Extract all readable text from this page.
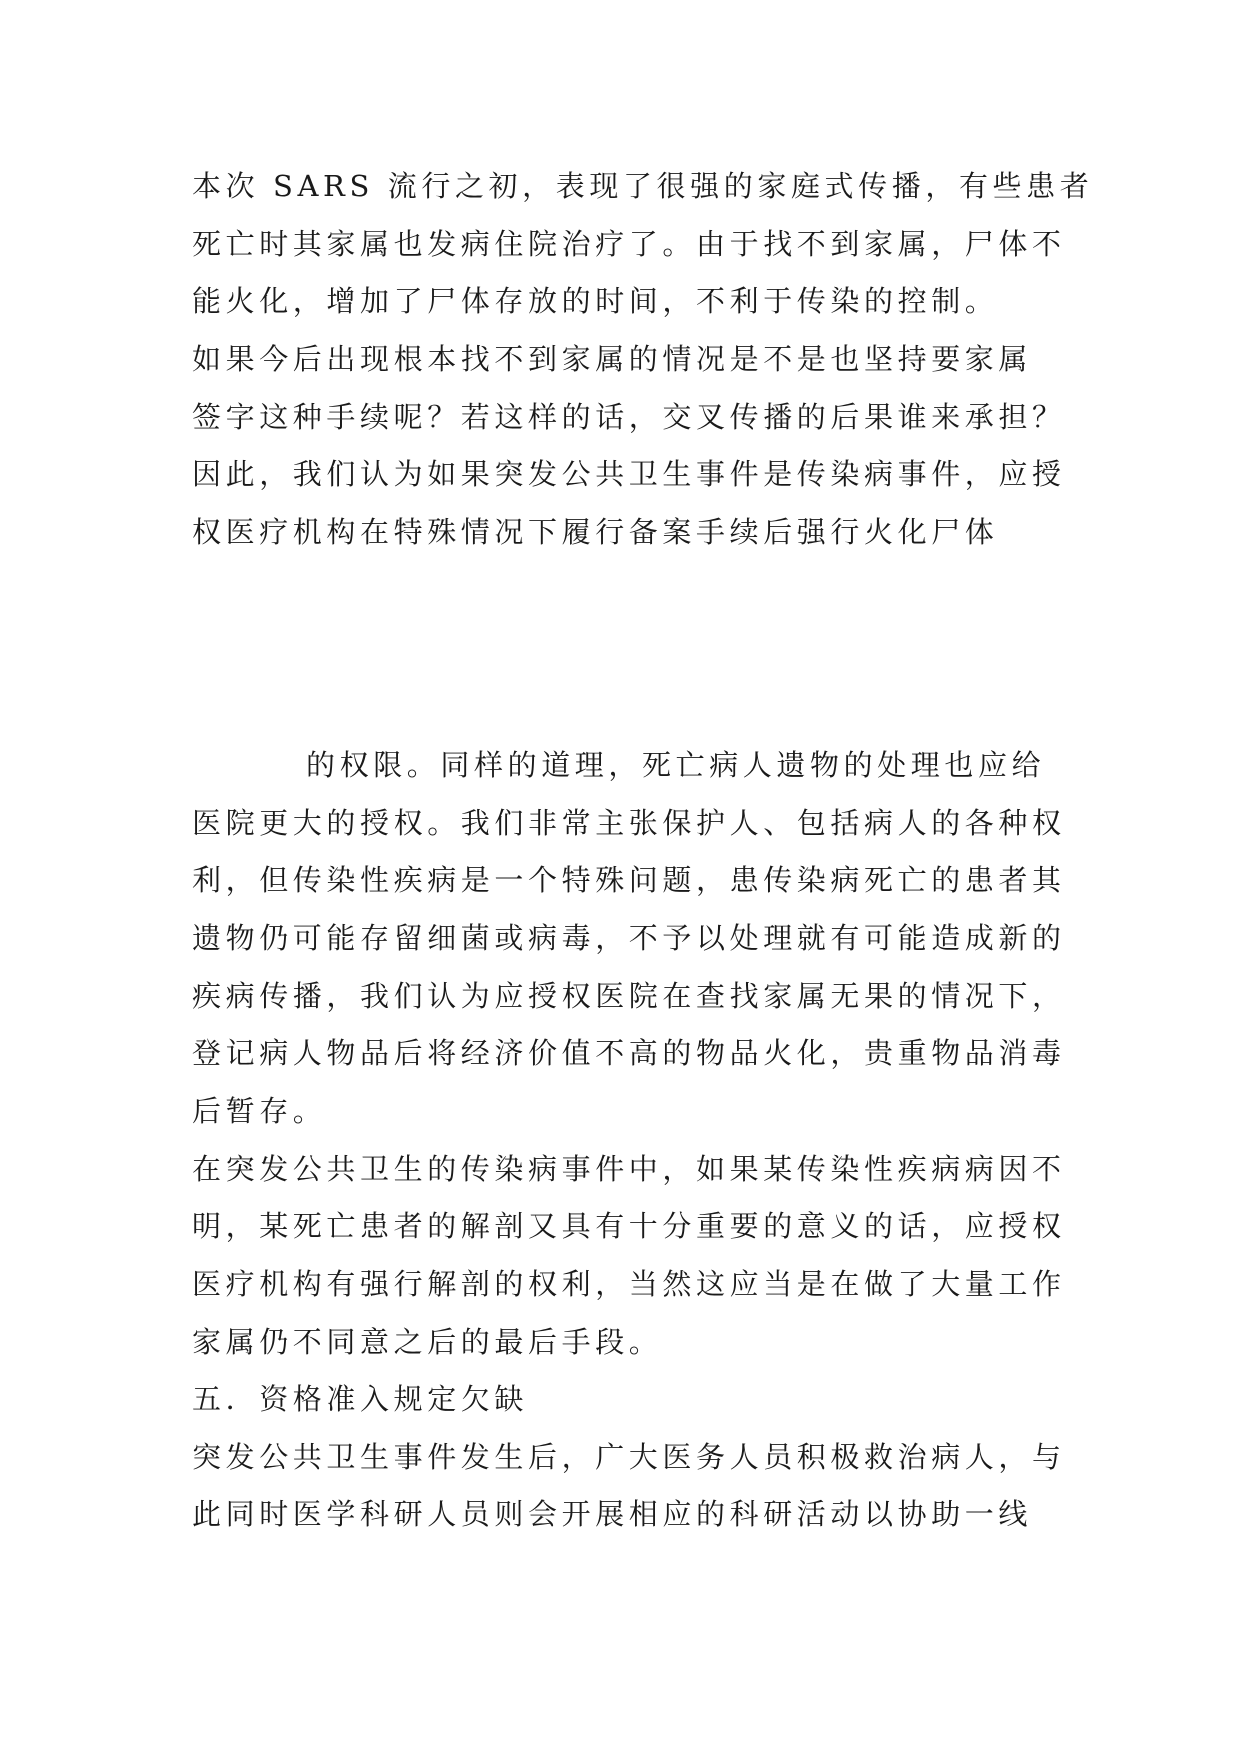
本次 SARS 流行之初，表现了很强的家庭式传播，有些患者
死亡时其家属也发病住院治疗了。由于找不到家属，尸体不
能火化，增加了尸体存放的时间，不利于传染的控制。
如果今后出现根本找不到家属的情况是不是也坚持要家属
签字这种手续呢？若这样的话，交叉传播的后果谁来承担？
因此，我们认为如果突发公共卫生事件是传染病事件，应授
权医疗机构在特殊情况下履行备案手续后强行火化尸体
的权限。同样的道理，死亡病人遗物的处理也应给
医院更大的授权。我们非常主张保护人、包括病人的各种权
利，但传染性疾病是一个特殊问题，患传染病死亡的患者其
遗物仍可能存留细菌或病毒，不予以处理就有可能造成新的
疾病传播，我们认为应授权医院在查找家属无果的情况下，
登记病人物品后将经济价值不高的物品火化，贵重物品消毒
后暂存。
在突发公共卫生的传染病事件中，如果某传染性疾病病因不
明，某死亡患者的解剖又具有十分重要的意义的话，应授权
医疗机构有强行解剖的权利，当然这应当是在做了大量工作
家属仍不同意之后的最后手段。
五．资格准入规定欠缺
突发公共卫生事件发生后，广大医务人员积极救治病人，与
此同时医学科研人员则会开展相应的科研活动以协助一线
